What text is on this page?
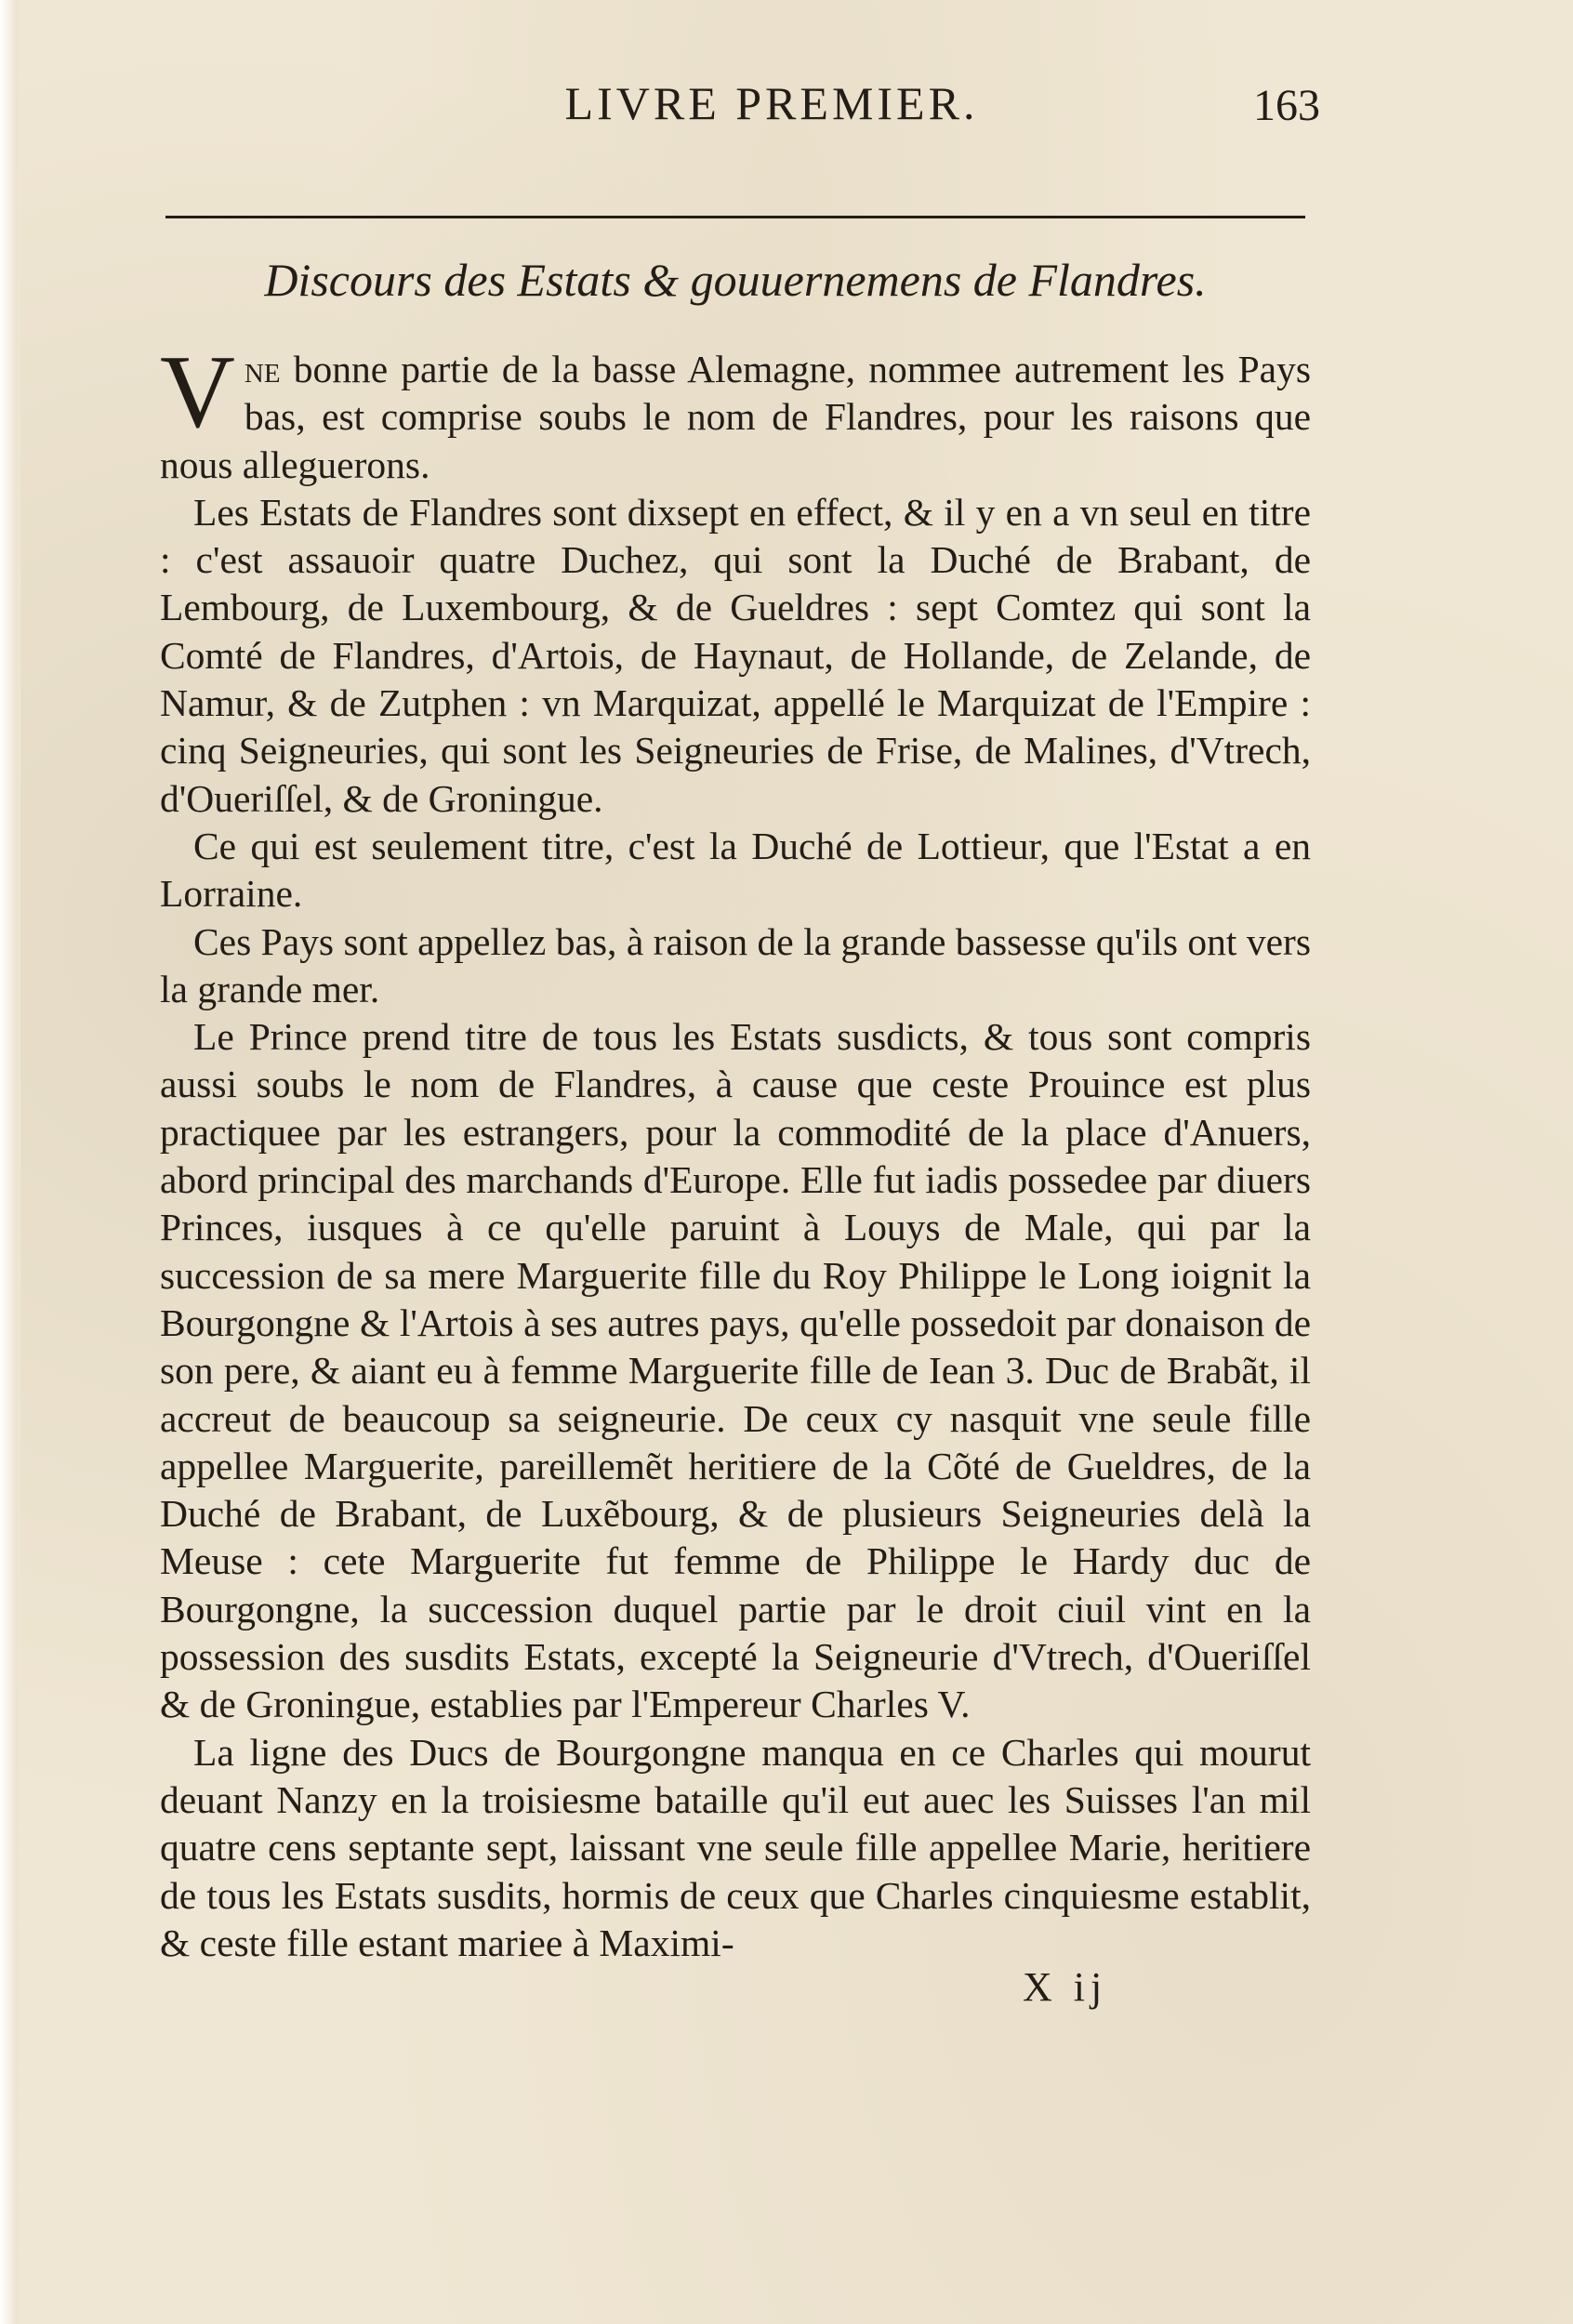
LIVRE PREMIER.	163
Discours des Estats & gouuernemens de Flandres.

Vne bonne partie de la basse Alemagne, nommee autrement les Pays bas, est comprise soubs le nom de Flandres, pour les raisons que nous alleguerons.

Les Estats de Flandres sont dixsept en effect, & il y en a vn seul en titre : c'est assauoir quatre Duchez, qui sont la Duché de Brabant, de Lembourg, de Luxembourg, & de Gueldres : sept Comtez qui sont la Comté de Flandres, d'Artois, de Haynaut, de Hollande, de Zelande, de Namur, & de Zutphen : vn Marquizat, appellé le Marquizat de l'Empire : cinq Seigneuries, qui sont les Seigneuries de Frise, de Malines, d'Vtrech, d'Oueriſſel, & de Groningue.

Ce qui est seulement titre, c'est la Duché de Lottieur, que l'Estat a en Lorraine.

Ces Pays sont appellez bas, à raison de la grande bassesse qu'ils ont vers la grande mer.

Le Prince prend titre de tous les Estats susdicts, & tous sont compris aussi soubs le nom de Flandres, à cause que ceste Prouince est plus practiquee par les estrangers, pour la commodité de la place d'Anuers, abord principal des marchands d'Europe. Elle fut iadis possedee par diuers Princes, iusques à ce qu'elle paruint à Louys de Male, qui par la succession de sa mere Marguerite fille du Roy Philippe le Long ioignit la Bourgongne & l'Artois à ses autres pays, qu'elle possedoit par donaison de son pere, & aiant eu à femme Marguerite fille de Iean 3. Duc de Brabãt, il accreut de beaucoup sa seigneurie. De ceux cy nasquit vne seule fille appellee Marguerite, pareillemẽt heritiere de la Cõté de Gueldres, de la Duché de Brabant, de Luxẽbourg, & de plusieurs Seigneuries delà la Meuse : cete Marguerite fut femme de Philippe le Hardy duc de Bourgongne, la succession duquel partie par le droit ciuil vint en la possession des susdits Estats, excepté la Seigneurie d'Vtrech, d'Oueriſſel & de Groningue, establies par l'Empereur Charles V.

La ligne des Ducs de Bourgongne manqua en ce Charles qui mourut deuant Nanzy en la troisiesme bataille qu'il eut auec les Suisses l'an mil quatre cens septante sept, laissant vne seule fille appellee Marie, heritiere de tous les Estats susdits, hormis de ceux que Charles cinquiesme establit, & ceste fille estant mariee à Maximi-

X ij
